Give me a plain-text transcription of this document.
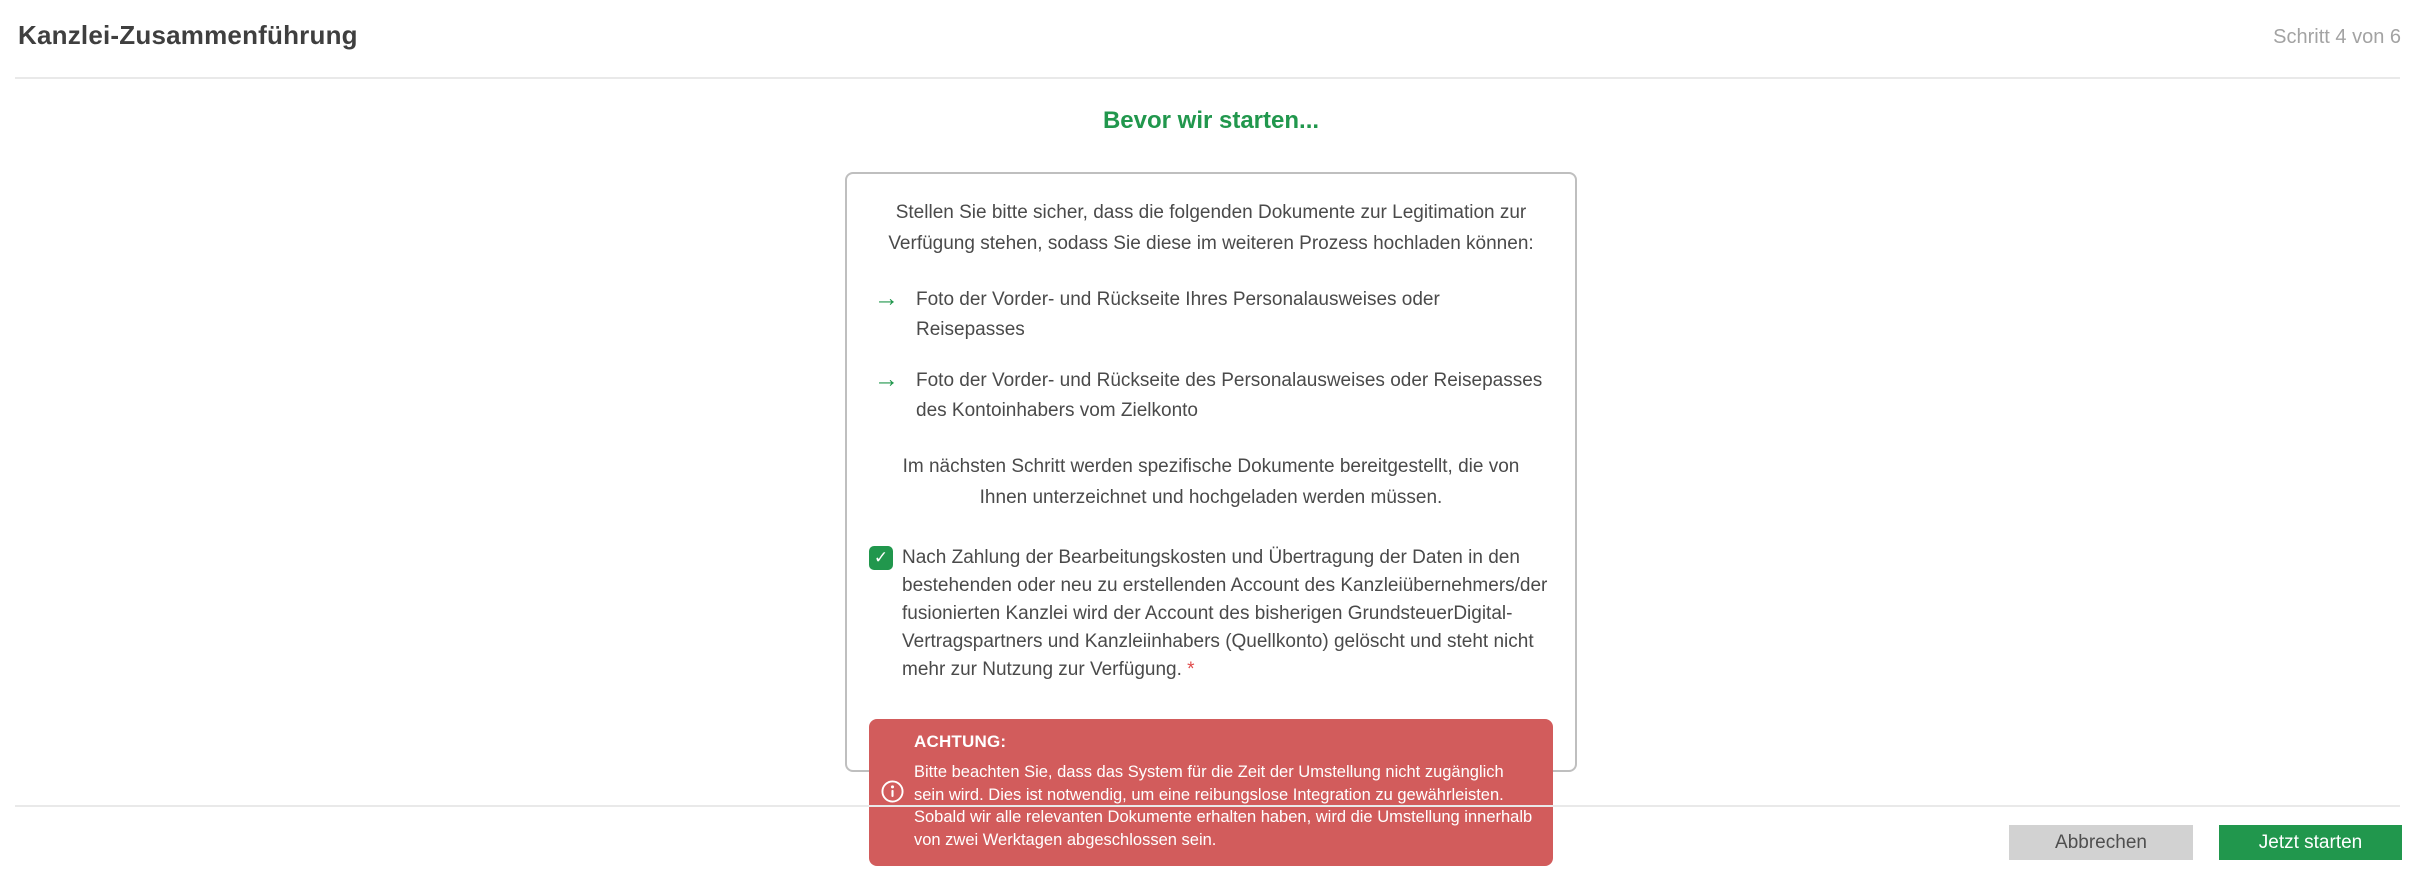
Kanzlei-Zusammenführung	Schritt 4 von 6
Bevor wir starten...
Stellen Sie bitte sicher, dass die folgenden Dokumente zur Legitimation zur Verfügung stehen, sodass Sie diese im weiteren Prozess hochladen können:
→ Foto der Vorder- und Rückseite Ihres Personalausweises oder Reisepasses
→ Foto der Vorder- und Rückseite des Personalausweises oder Reisepasses des Kontoinhabers vom Zielkonto
Im nächsten Schritt werden spezifische Dokumente bereitgestellt, die von Ihnen unterzeichnet und hochgeladen werden müssen.
✓ Nach Zahlung der Bearbeitungskosten und Übertragung der Daten in den bestehenden oder neu zu erstellenden Account des Kanzleiübernehmers/der fusionierten Kanzlei wird der Account des bisherigen GrundsteuerDigital-Vertragspartners und Kanzleiinhabers (Quellkonto) gelöscht und steht nicht mehr zur Nutzung zur Verfügung. *
ACHTUNG:
Bitte beachten Sie, dass das System für die Zeit der Umstellung nicht zugänglich sein wird. Dies ist notwendig, um eine reibungslose Integration zu gewährleisten. Sobald wir alle relevanten Dokumente erhalten haben, wird die Umstellung innerhalb von zwei Werktagen abgeschlossen sein.	Abbrechen	Jetzt starten
